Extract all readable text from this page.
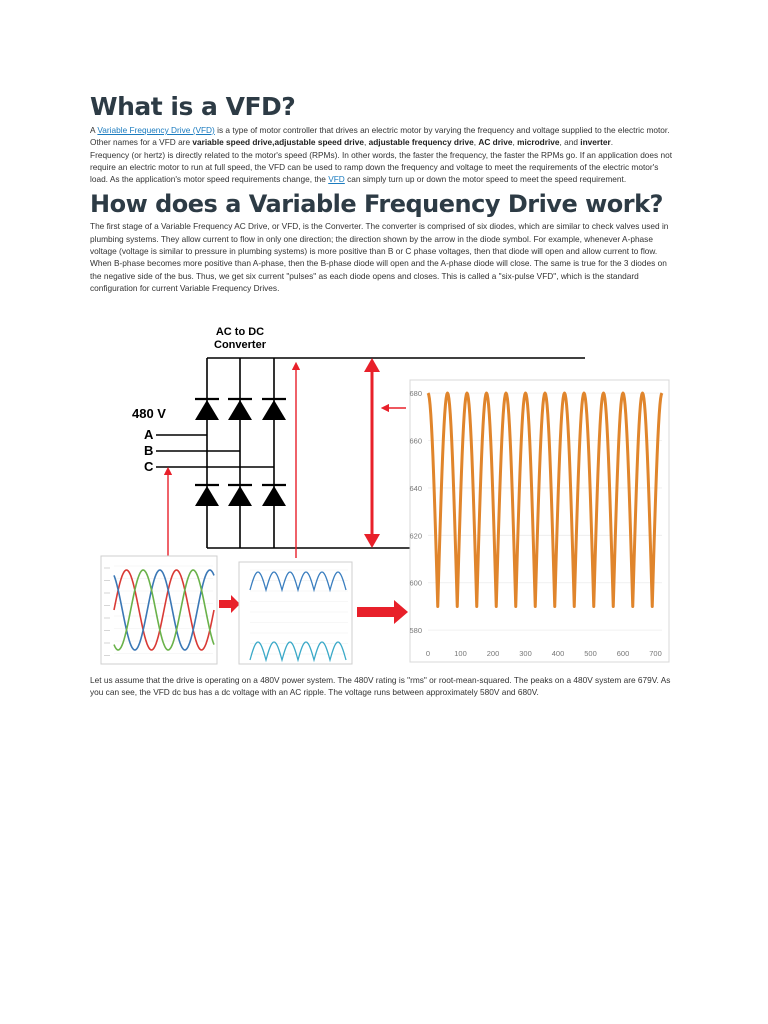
What is a VFD?

A Variable Frequency Drive (VFD) is a type of motor controller that drives an electric motor by varying the frequency and voltage supplied to the electric motor. Other names for a VFD are variable speed drive,adjustable speed drive, adjustable frequency drive, AC drive, microdrive, and inverter.

Frequency (or hertz) is directly related to the motor's speed (RPMs). In other words, the faster the frequency, the faster the RPMs go. If an application does not require an electric motor to run at full speed, the VFD can be used to ramp down the frequency and voltage to meet the requirements of the electric motor's load. As the application's motor speed requirements change, the VFD can simply turn up or down the motor speed to meet the speed requirement.

How does a Variable Frequency Drive work?

The first stage of a Variable Frequency AC Drive, or VFD, is the Converter. The converter is comprised of six diodes, which are similar to check valves used in plumbing systems. They allow current to flow in only one direction; the direction shown by the arrow in the diode symbol. For example, whenever A-phase voltage (voltage is similar to pressure in plumbing systems) is more positive than B or C phase voltages, then that diode will open and allow current to flow. When B-phase becomes more positive than A-phase, then the B-phase diode will open and the A-phase diode will close. The same is true for the 3 diodes on the negative side of the bus. Thus, we get six current "pulses" as each diode opens and closes. This is called a "six-pulse VFD", which is the standard configuration for current Variable Frequency Drives.

AC to DC
Converter
480 V
A
B
C
580
600
620
640
660
680
0	100	200	300	400	500	600	700

Let us assume that the drive is operating on a 480V power system. The 480V rating is "rms" or root-mean-squared. The peaks on a 480V system are 679V. As you can see, the VFD dc bus has a dc voltage with an AC ripple. The voltage runs between approximately 580V and 680V.
